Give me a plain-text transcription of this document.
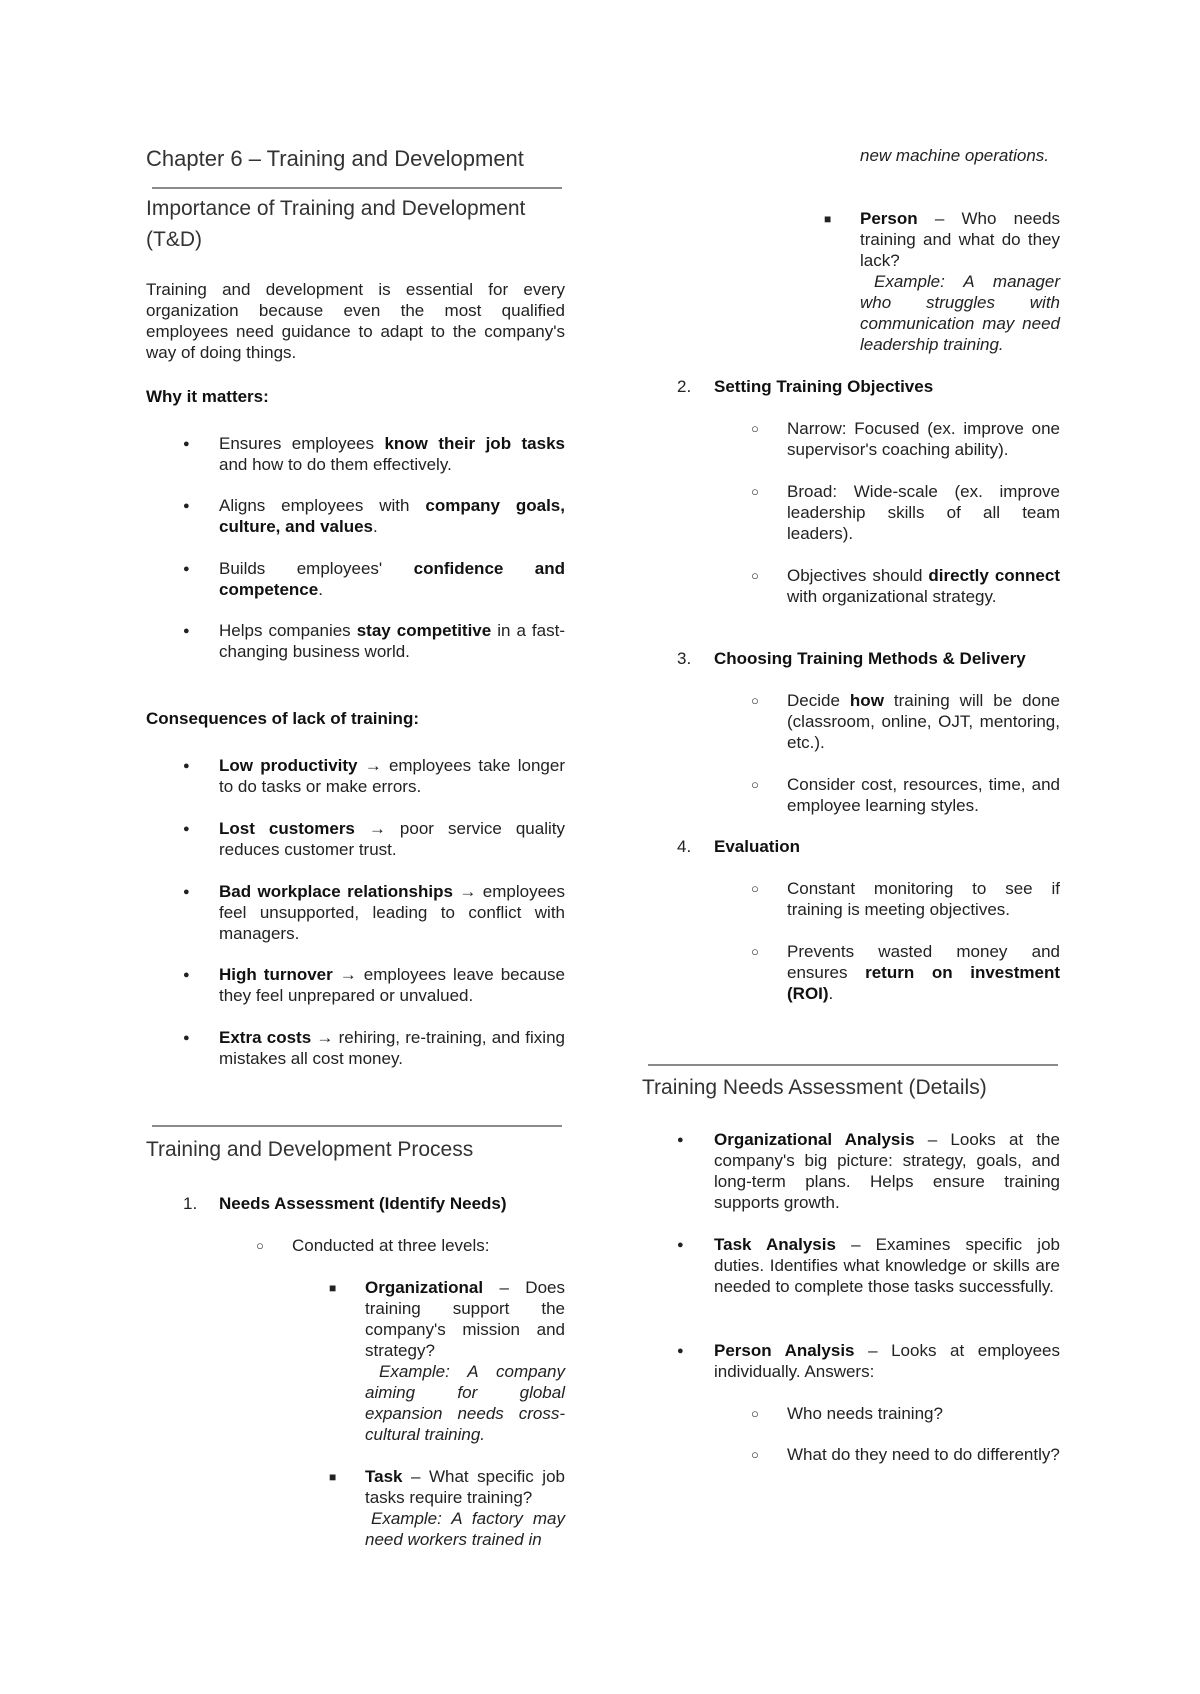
Chapter 6 – Training and Development
Importance of Training and Development (T&D)

Training and development is essential for every organization because even the most qualified employees need guidance to adapt to the company's way of doing things.

Why it matters:

●

Ensures employees know their job tasks and how to do them effectively.

●

Aligns employees with company goals, culture, and values.

●

Builds employees' confidence and competence.

●

Helps companies stay competitive in a fast-changing business world.

Consequences of lack of training:

●

Low productivity → employees take longer to do tasks or make errors.

●

Lost customers → poor service quality reduces customer trust.

●

Bad workplace relationships → employees feel unsupported, leading to conflict with managers.

●

High turnover → employees leave because they feel unprepared or unvalued.

●

Extra costs → rehiring, re-training, and fixing mistakes all cost money.

Training and Development Process
1. Needs Assessment (Identify Needs)

○

Conducted at three levels:

■

Organizational – Does training support the company's mission and strategy?
Example: A company aiming for global expansion needs cross-cultural training.

■

Task – What specific job tasks require training?
Example: A factory may need workers trained in

new machine operations.

■

Person – Who needs training and what do they lack?
Example: A manager who struggles with communication may need leadership training.

2. Setting Training Objectives

○

Narrow: Focused (ex. improve one supervisor's coaching ability).

○

Broad: Wide-scale (ex. improve leadership skills of all team leaders).

○

Objectives should directly connect with organizational strategy.

3. Choosing Training Methods & Delivery

○

Decide how training will be done (classroom, online, OJT, mentoring, etc.).

○

Consider cost, resources, time, and employee learning styles.

4. Evaluation

○

Constant monitoring to see if training is meeting objectives.

○

Prevents wasted money and ensures return on investment (ROI).

Training Needs Assessment (Details)
●

Organizational Analysis – Looks at the company's big picture: strategy, goals, and long-term plans. Helps ensure training supports growth.

●

Task Analysis – Examines specific job duties. Identifies what knowledge or skills are needed to complete those tasks successfully.

●

Person Analysis – Looks at employees individually. Answers:

○

Who needs training?

○

What do they need to do differently?
